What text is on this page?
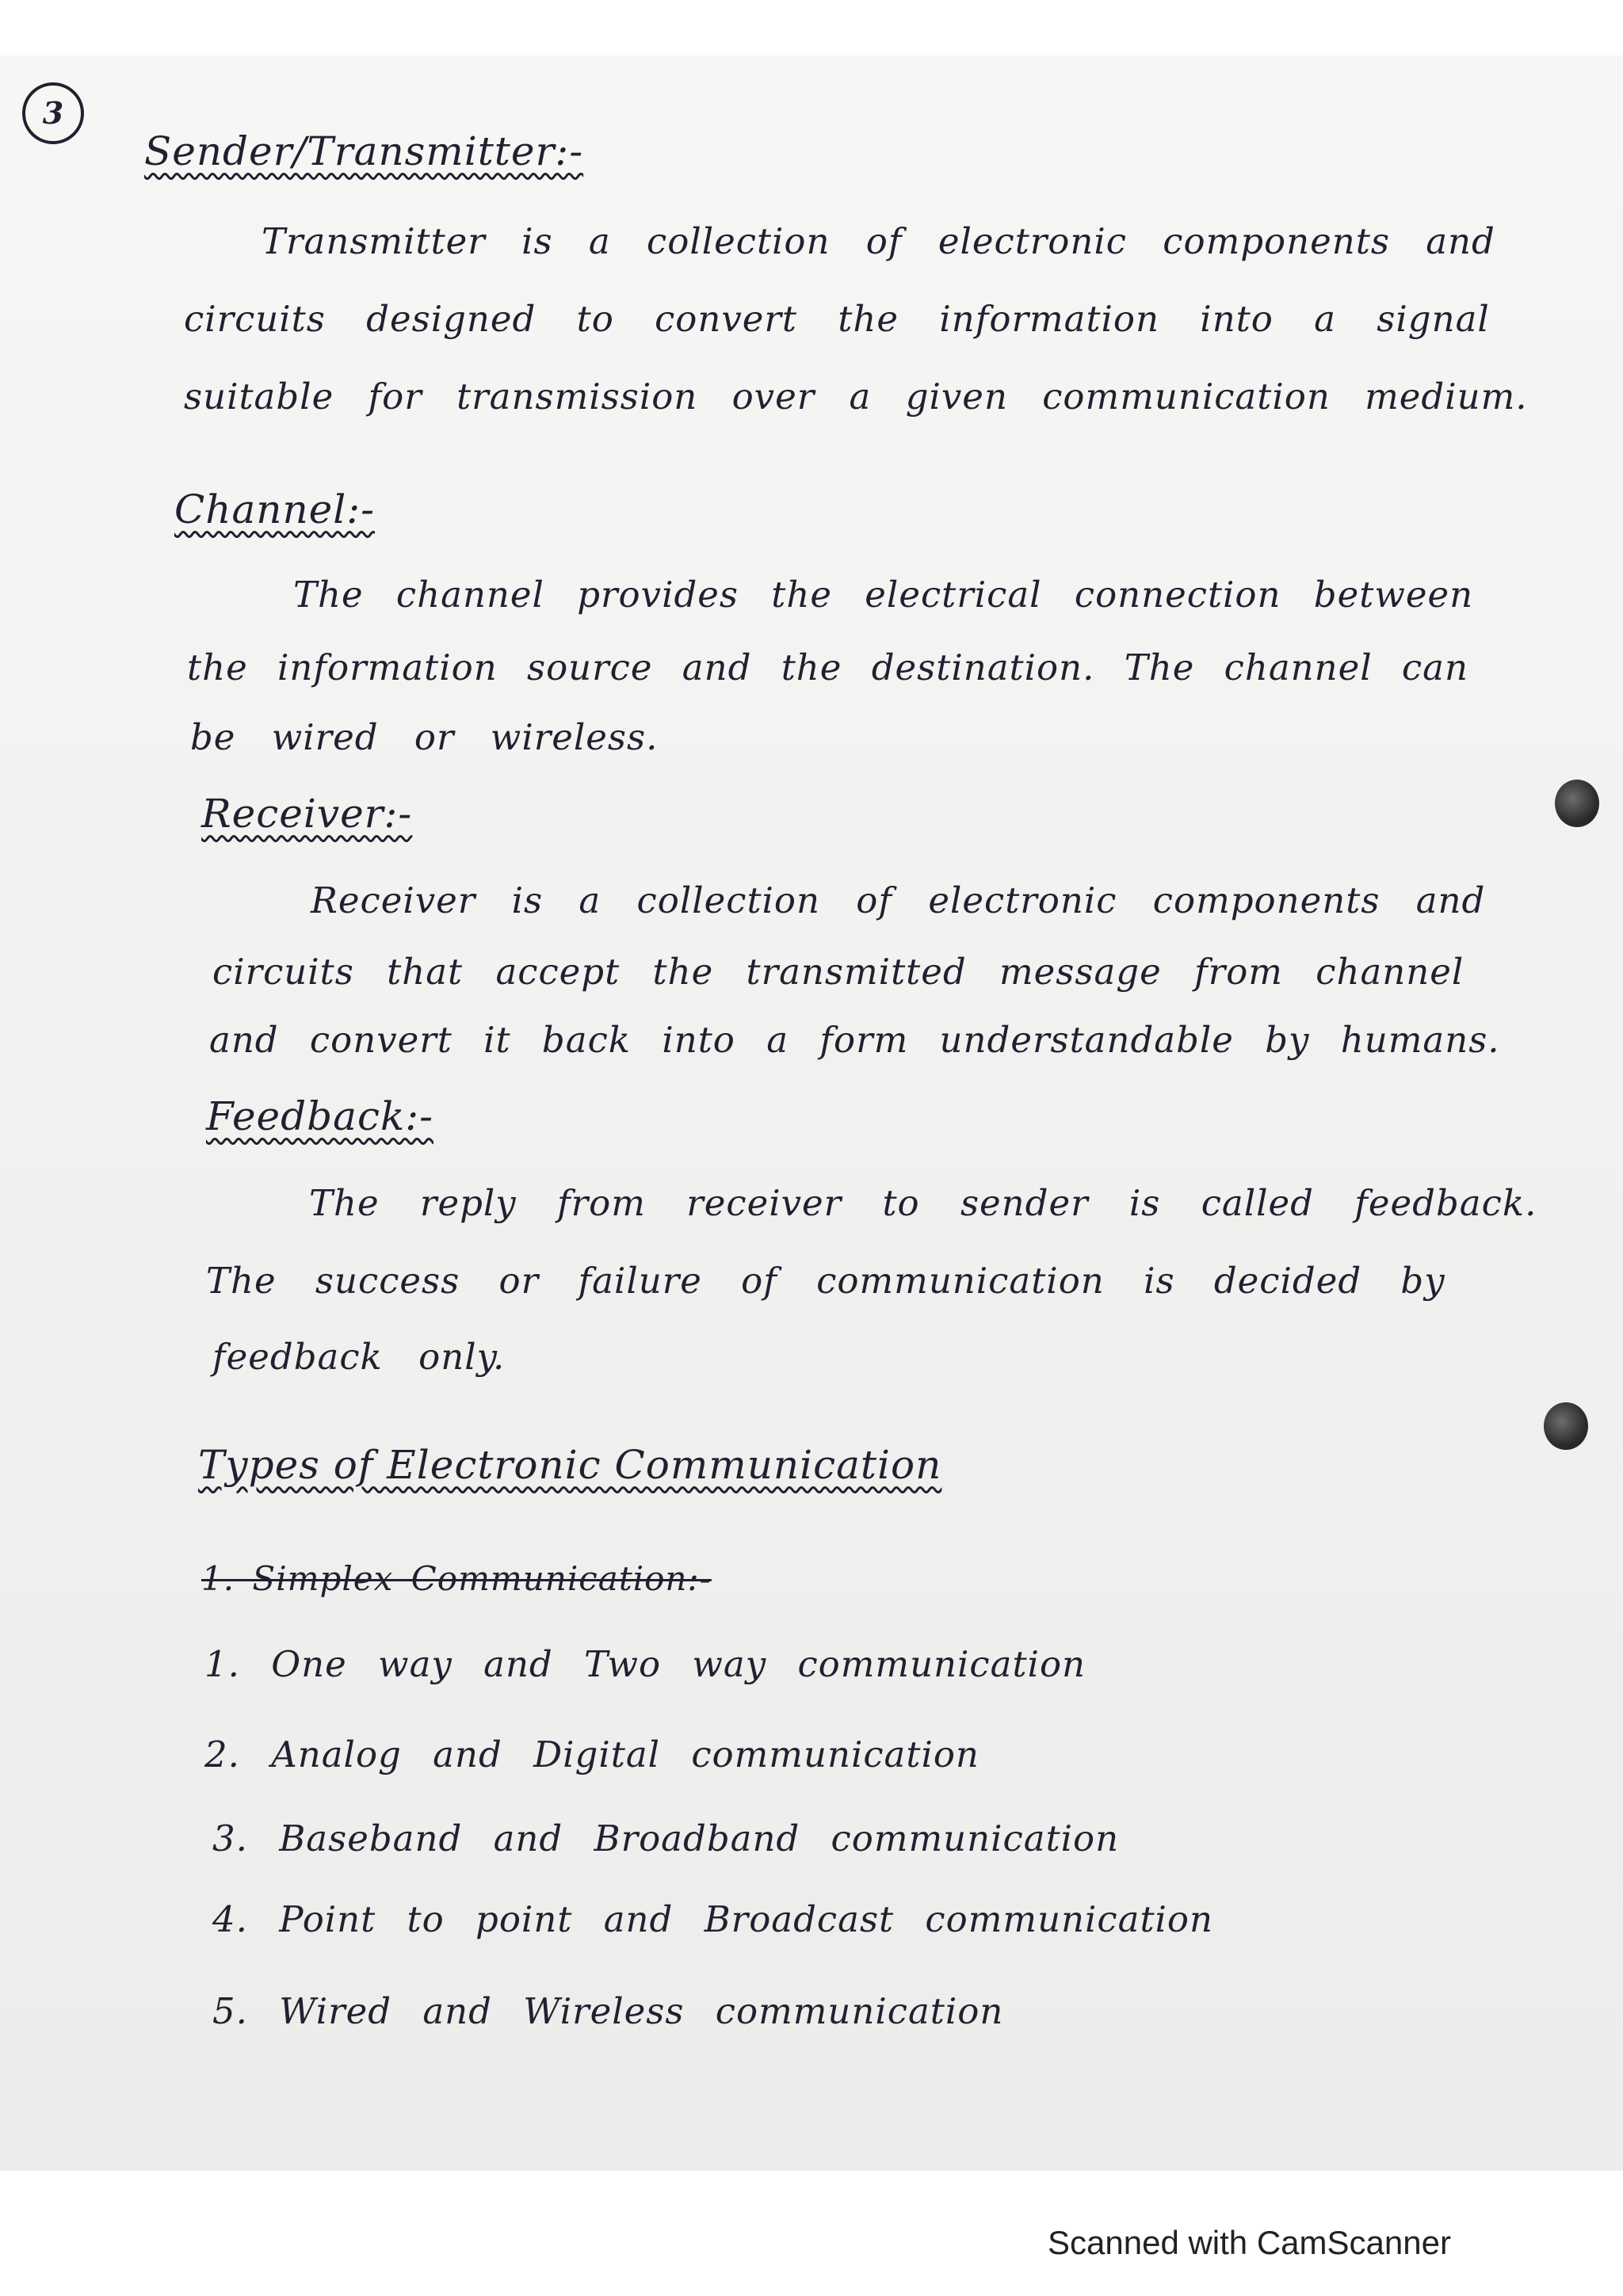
3
Sender/Transmitter:-
Transmitter is a collection of electronic components and
circuits designed to convert the information into a signal
suitable for transmission over a given communication medium.
Channel:-
The channel provides the electrical connection between
the information source and the destination. The channel can
be wired or wireless.
Receiver:-
Receiver is a collection of electronic components and
circuits that accept the transmitted message from channel
and convert it back into a form understandable by humans.
Feedback:-
The reply from receiver to sender is called feedback.
The success or failure of communication is decided by
feedback only.
Types of Electronic Communication
1. Simplex Communication:-
1. One way and Two way communication
2. Analog and Digital communication
3. Baseband and Broadband communication
4. Point to point and Broadcast communication
5. Wired and Wireless communication
Scanned with CamScanner
